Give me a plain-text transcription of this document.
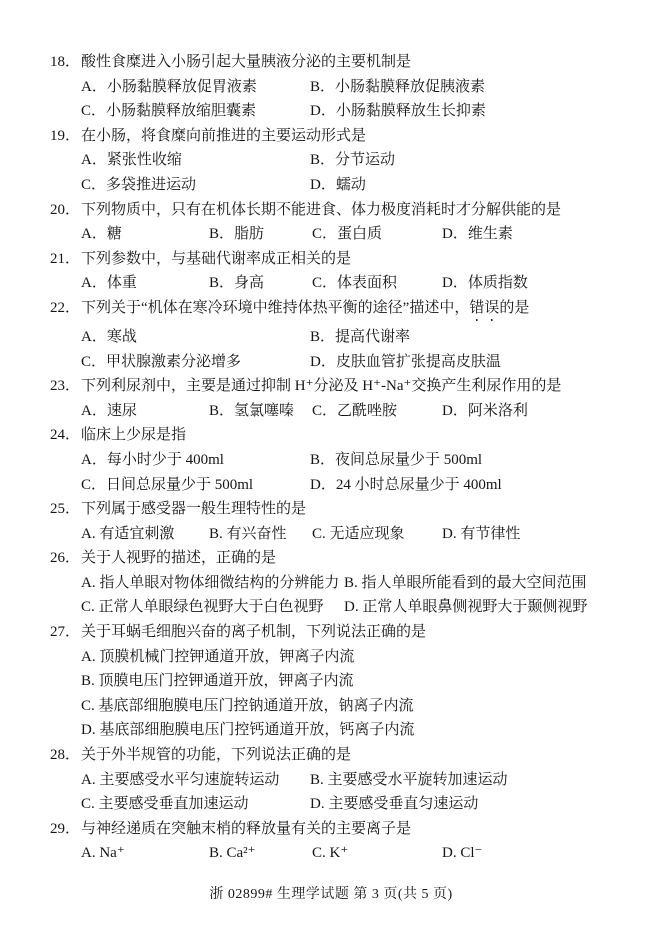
18．酸性食糜进入小肠引起大量胰液分泌的主要机制是
A．小肠黏膜释放促胃液素	B．小肠黏膜释放促胰液素
C．小肠黏膜释放缩胆囊素	D．小肠黏膜释放生长抑素
19．在小肠，将食糜向前推进的主要运动形式是
A．紧张性收缩	B．分节运动
C．多袋推进运动	D．蠕动
20．下列物质中，只有在机体长期不能进食、体力极度消耗时才分解供能的是
A．糖	B．脂肪	C．蛋白质	D．维生素
21．下列参数中，与基础代谢率成正相关的是
A．体重	B．身高	C．体表面积	D．体质指数
22．下列关于“机体在寒冷环境中维持体热平衡的途径”描述中，错误的是
A．寒战	B．提高代谢率
C．甲状腺激素分泌增多	D．皮肤血管扩张提高皮肤温
23．下列利尿剂中，主要是通过抑制 H⁺分泌及 H⁺-Na⁺交换产生利尿作用的是
A．速尿	B．氢氯噻嗪	C．乙酰唑胺	D．阿米洛利
24．临床上少尿是指
A．每小时少于 400ml	B．夜间总尿量少于 500ml
C．日间总尿量少于 500ml	D．24 小时总尿量少于 400ml
25．下列属于感受器一般生理特性的是
A. 有适宜刺激	B. 有兴奋性	C. 无适应现象	D. 有节律性
26．关于人视野的描述，正确的是
A. 指人单眼对物体细微结构的分辨能力 B. 指人单眼所能看到的最大空间范围
C. 正常人单眼绿色视野大于白色视野	D. 正常人单眼鼻侧视野大于颞侧视野
27．关于耳蜗毛细胞兴奋的离子机制，下列说法正确的是
A. 顶膜机械门控钾通道开放，钾离子内流
B. 顶膜电压门控钾通道开放，钾离子内流
C. 基底部细胞膜电压门控钠通道开放，钠离子内流
D. 基底部细胞膜电压门控钙通道开放，钙离子内流
28．关于外半规管的功能，下列说法正确的是
A. 主要感受水平匀速旋转运动	B. 主要感受水平旋转加速运动
C. 主要感受垂直加速运动	D. 主要感受垂直匀速运动
29．与神经递质在突触末梢的释放量有关的主要离子是
A. Na⁺	B. Ca²⁺	C. K⁺	D. Cl⁻
浙 02899# 生理学试题 第 3 页(共 5 页)
